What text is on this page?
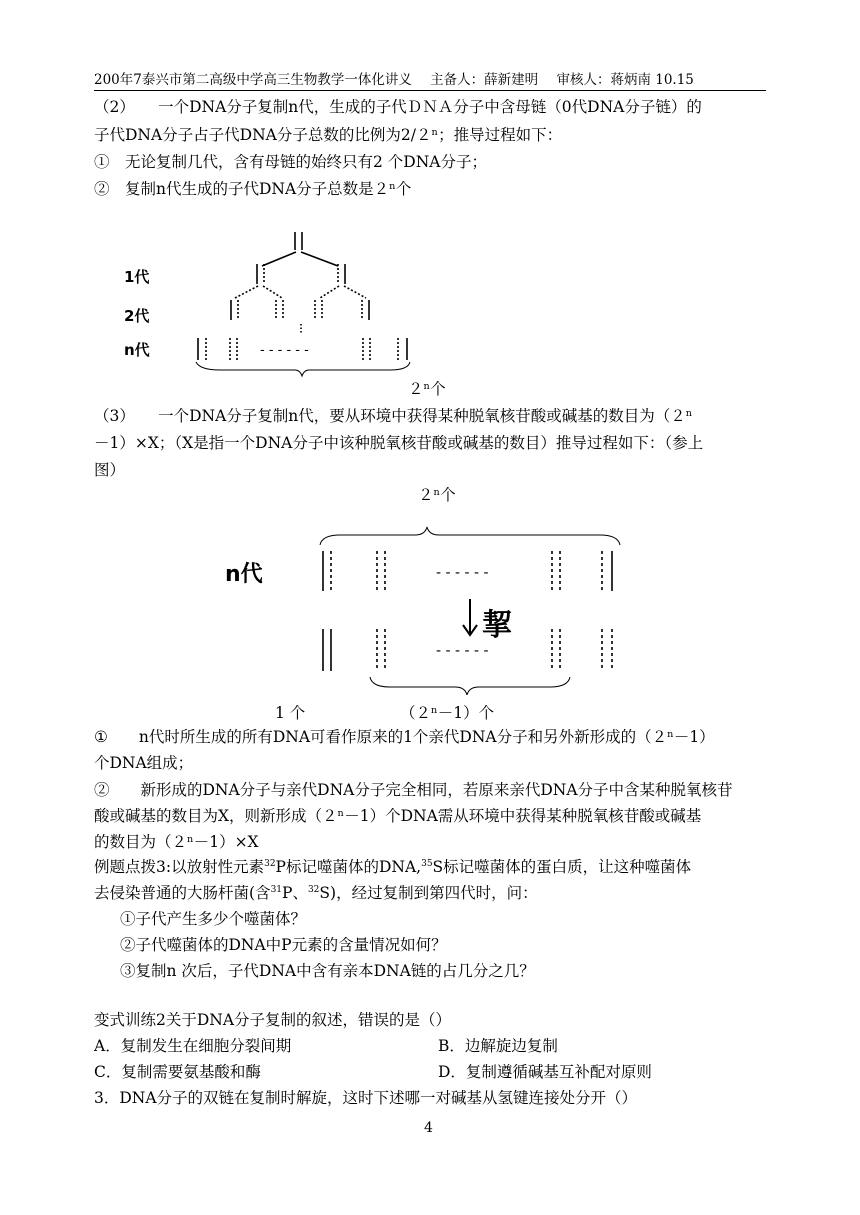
200年7泰兴市第二高级中学高三生物教学一体化讲义 主备人：薛新建明 审核人：蒋炳南 10.15
（2）　　一个DNA分子复制n代，生成的子代ＤＮＡ分子中含母链（0代DNA分子链）的
子代DNA分子占子代DNA分子总数的比例为2/２ⁿ；推导过程如下：
①　无论复制几代，含有母链的始终只有2 个DNA分子；
②　复制n代生成的子代DNA分子总数是２ⁿ个
1代
2代
n代	- - - - - -
２ⁿ个
（3）　　一个DNA分子复制n代，要从环境中获得某种脱氧核苷酸或碱基的数目为（２ⁿ
－1）×X；（X是指一个DNA分子中该种脱氧核苷酸或碱基的数目）推导过程如下：（参上
图）
２ⁿ个
n代	- - - - - -
- - - - - -
挈
1 个	（２ⁿ－1）个
①　　n代时所生成的所有DNA可看作原来的1个亲代DNA分子和另外新形成的（２ⁿ－1）
个DNA组成；
②　　新形成的DNA分子与亲代DNA分子完全相同，若原来亲代DNA分子中含某种脱氧核苷
酸或碱基的数目为X，则新形成（２ⁿ－1）个DNA需从环境中获得某种脱氧核苷酸或碱基
的数目为（２ⁿ－1）×X
例题点拨3:以放射性元素$^{32}$P标记噬菌体的DNA,$^{35}$S标记噬菌体的蛋白质，让这种噬菌体
去侵染普通的大肠杆菌(含$^{31}$P、$^{32}$S)，经过复制到第四代时，问：
①子代产生多少个噬菌体？
②子代噬菌体的DNA中P元素的含量情况如何？
③复制n 次后，子代DNA中含有亲本DNA链的占几分之几？
变式训练2关于DNA分子复制的叙述，错误的是（）
A．复制发生在细胞分裂间期	B．边解旋边复制
C．复制需要氨基酸和酶	D．复制遵循碱基互补配对原则
3．DNA分子的双链在复制时解旋，这时下述哪一对碱基从氢键连接处分开（）
4
